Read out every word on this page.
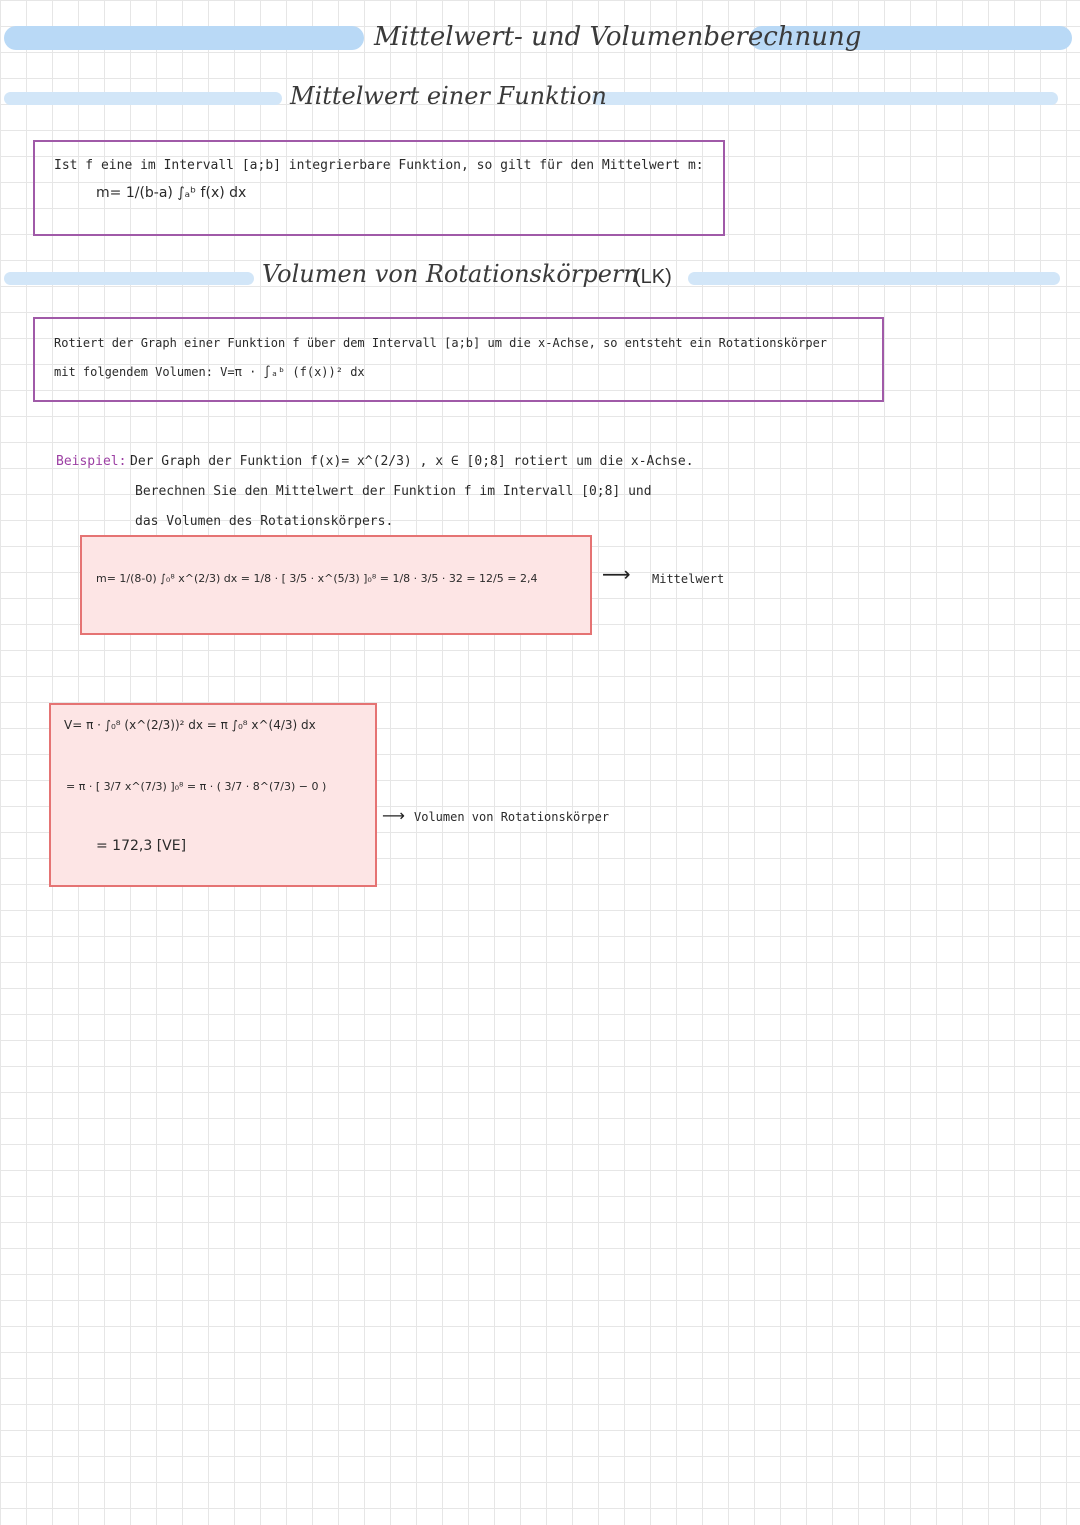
Mittelwert- und Volumenberechnung
Mittelwert einer Funktion
Ist f eine im Intervall [a;b] integrierbare Funktion, so gilt für den Mittelwert m:
m= 1/(b-a) ∫ₐᵇ f(x) dx
Volumen von Rotationskörpern
(LK)
Rotiert der Graph einer Funktion f über dem Intervall [a;b] um die x-Achse, so entsteht ein Rotationskörper
mit folgendem Volumen: V=π · ∫ₐᵇ (f(x))² dx
Beispiel: Der Graph der Funktion f(x)= x^(2/3) , x ∈ [0;8] rotiert um die x-Achse.
Berechnen Sie den Mittelwert der Funktion f im Intervall [0;8] und
das Volumen des Rotationskörpers.
m= 1/(8-0) ∫₀⁸ x^(2/3) dx = 1/8 · [ 3/5 · x^(5/3) ]₀⁸ = 1/8 · 3/5 · 32 = 12/5 = 2,4	⟶ Mittelwert
V= π · ∫₀⁸ (x^(2/3))² dx = π ∫₀⁸ x^(4/3) dx
= π · [ 3/7 x^(7/3) ]₀⁸ = π · ( 3/7 · 8^(7/3) − 0 )
= 172,3 [VE]
⟶ Volumen von Rotationskörper
